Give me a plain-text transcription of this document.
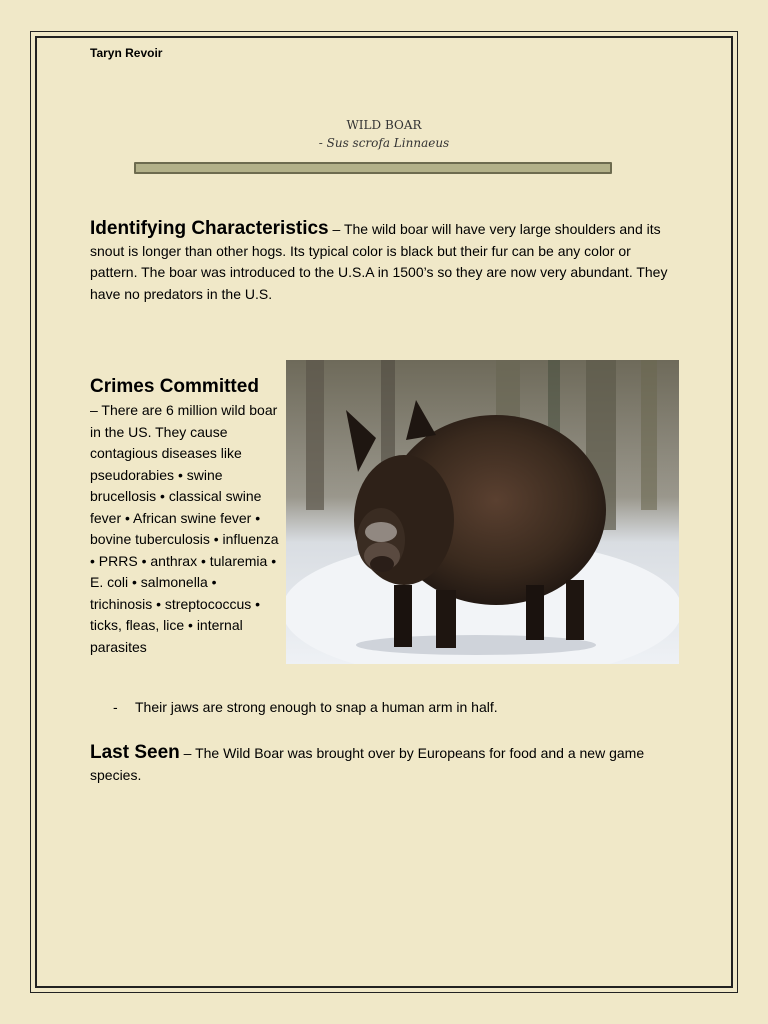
Taryn Revoir
WILD BOAR
- Sus scrofa Linnaeus
Identifying Characteristics – The wild boar will have very large shoulders and its snout is longer than other hogs. Its typical color is black but their fur can be any color or pattern. The boar was introduced to the U.S.A in 1500’s so they are now very abundant. They have no predators in the U.S.
Crimes Committed
– There are 6 million wild boar in the US. They cause contagious diseases like pseudorabies • swine brucellosis • classical swine fever • African swine fever • bovine tuberculosis • influenza • PRRS • anthrax • tularemia • E. coli • salmonella • trichinosis • streptococcus • ticks, fleas, lice • internal parasites
- Their jaws are strong enough to snap a human arm in half.
Last Seen – The Wild Boar was brought over by Europeans for food and a new game species.
